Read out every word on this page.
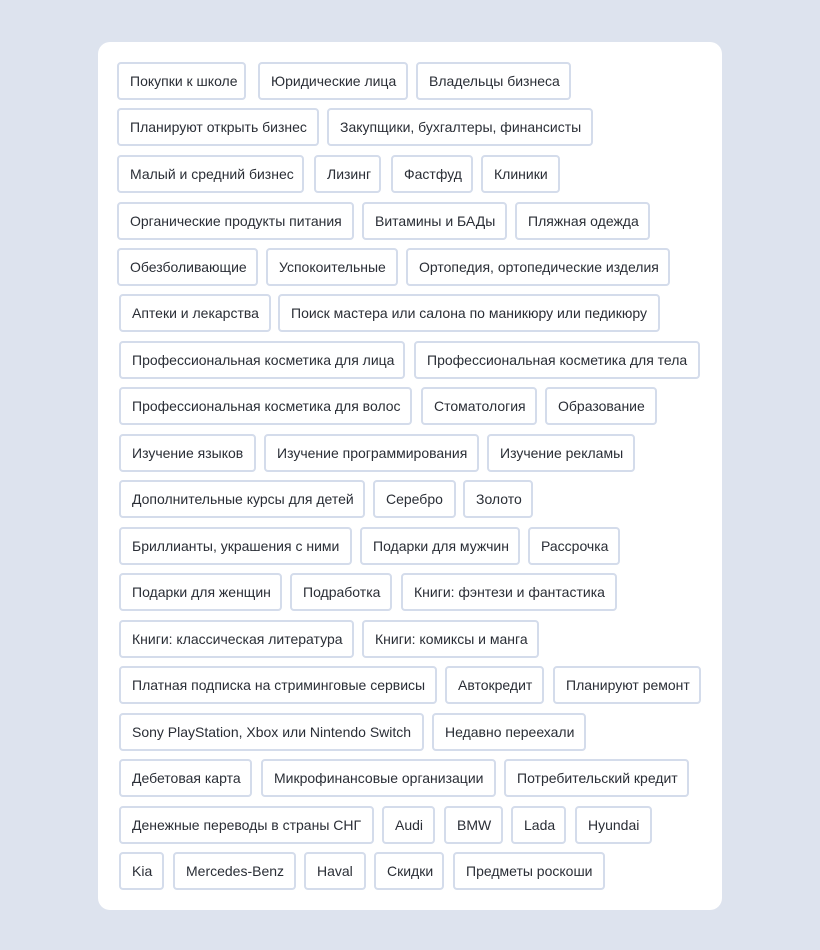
Покупки к школе	Юридические лица	Владельцы бизнеса
Планируют открыть бизнес	Закупщики, бухгалтеры, финансисты
Малый и средний бизнес	Лизинг	Фастфуд	Клиники
Органические продукты питания	Витамины и БАДы	Пляжная одежда
Обезболивающие	Успокоительные	Ортопедия, ортопедические изделия
Аптеки и лекарства	Поиск мастера или салона по маникюру или педикюру
Профессиональная косметика для лица	Профессиональная косметика для тела
Профессиональная косметика для волос	Стоматология	Образование
Изучение языков	Изучение программирования	Изучение рекламы
Дополнительные курсы для детей	Серебро	Золото
Бриллианты, украшения с ними	Подарки для мужчин	Рассрочка
Подарки для женщин	Подработка	Книги: фэнтези и фантастика
Книги: классическая литература	Книги: комиксы и манга
Платная подписка на стриминговые сервисы	Автокредит	Планируют ремонт
Sony PlayStation, Xbox или Nintendo Switch	Недавно переехали
Дебетовая карта	Микрофинансовые организации	Потребительский кредит
Денежные переводы в страны СНГ	Audi	BMW	Lada	Hyundai
Kia	Mercedes-Benz	Haval	Скидки	Предметы роскоши
